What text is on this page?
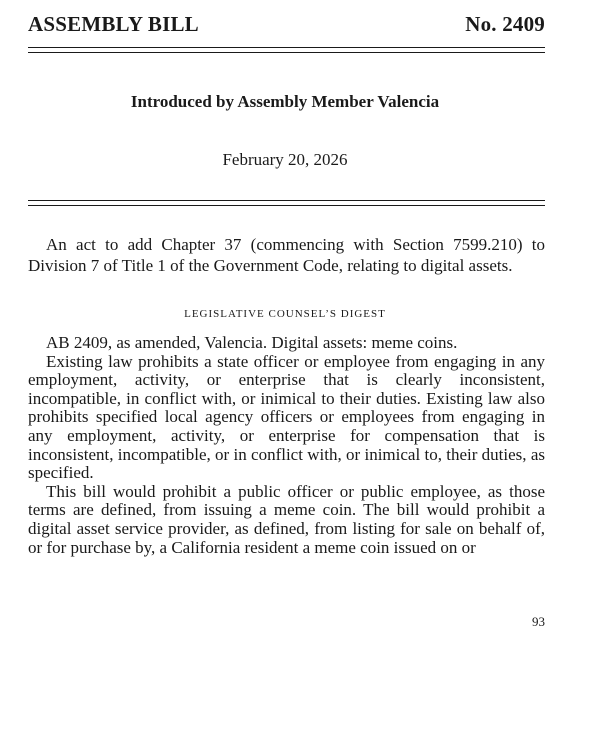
ASSEMBLY BILL	No. 2409
Introduced by Assembly Member Valencia
February 20, 2026

An act to add Chapter 37 (commencing with Section 7599.210) to Division 7 of Title 1 of the Government Code, relating to digital assets.

LEGISLATIVE COUNSEL’S DIGEST

AB 2409, as amended, Valencia. Digital assets: meme coins.

Existing law prohibits a state officer or employee from engaging in any employment, activity, or enterprise that is clearly inconsistent, incompatible, in conflict with, or inimical to their duties. Existing law also prohibits specified local agency officers or employees from engaging in any employment, activity, or enterprise for compensation that is inconsistent, incompatible, or in conflict with, or inimical to, their duties, as specified.

This bill would prohibit a public officer or public employee, as those terms are defined, from issuing a meme coin. The bill would prohibit a digital asset service provider, as defined, from listing for sale on behalf of, or for purchase by, a California resident a meme coin issued on or

93
